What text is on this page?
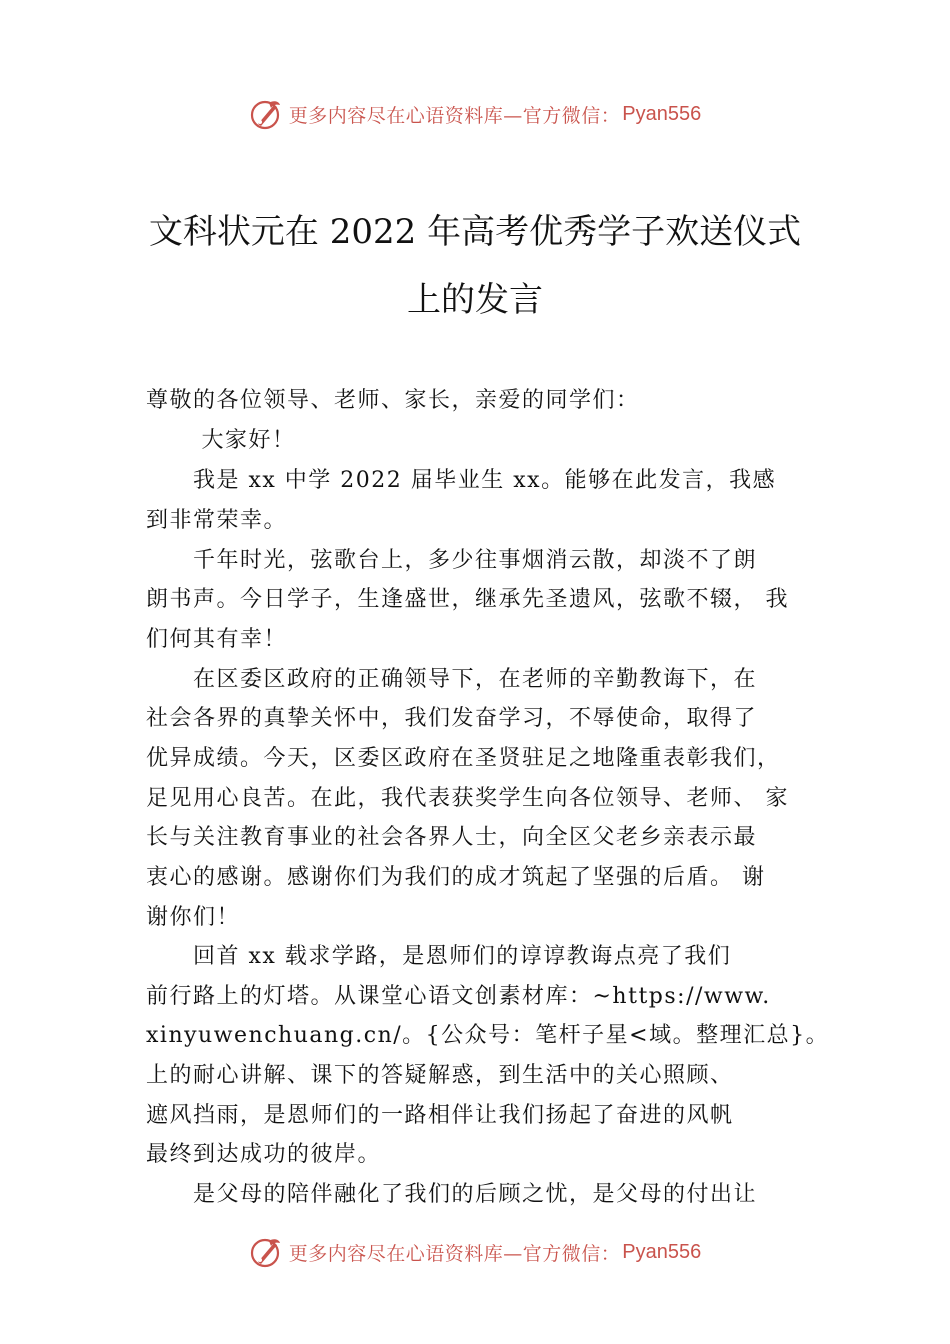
更多内容尽在心语资料库—官方微信： Pyan556
文科状元在 2022 年高考优秀学子欢送仪式
上的发言
尊敬的各位领导、老师、家长，亲爱的同学们：
　　 大家好！
　　我是 xx 中学 2022 届毕业生 xx。能够在此发言，我感
到非常荣幸。
　　千年时光，弦歌台上，多少往事烟消云散，却淡不了朗
朗书声。今日学子，生逢盛世，继承先圣遗风，弦歌不辍， 我
们何其有幸！
　　在区委区政府的正确领导下，在老师的辛勤教诲下，在
社会各界的真挚关怀中，我们发奋学习，不辱使命，取得了
优异成绩。今天，区委区政府在圣贤驻足之地隆重表彰我们，
足见用心良苦。在此，我代表获奖学生向各位领导、老师、 家
长与关注教育事业的社会各界人士，向全区父老乡亲表示最
衷心的感谢。感谢你们为我们的成才筑起了坚强的后盾。 谢
谢你们！
　　回首 xx 载求学路，是恩师们的谆谆教诲点亮了我们
前行路上的灯塔。从课堂心语文创素材库：~https://www.
xinyuwenchuang.cn/。{公众号：笔杆子星<域。整理汇总}。
上的耐心讲解、课下的答疑解惑，到生活中的关心照顾、
遮风挡雨，是恩师们的一路相伴让我们扬起了奋进的风帆
最终到达成功的彼岸。
　　是父母的陪伴融化了我们的后顾之忧，是父母的付出让
更多内容尽在心语资料库—官方微信： Pyan556
